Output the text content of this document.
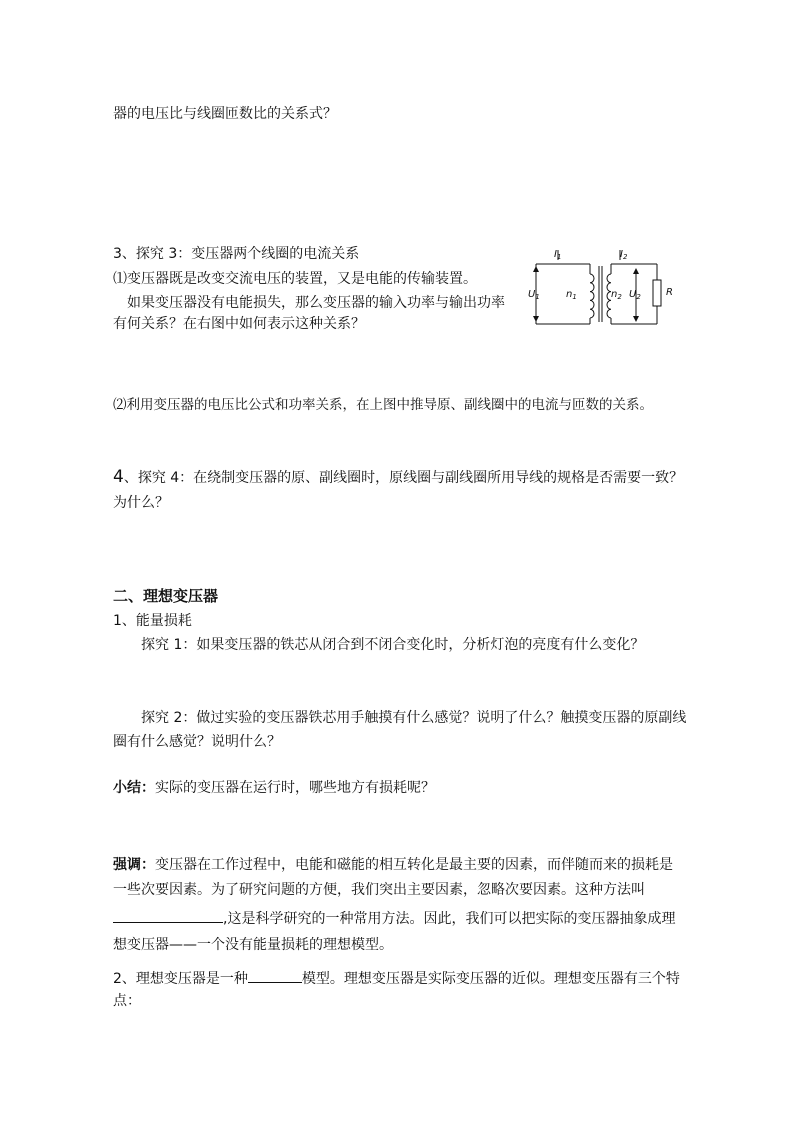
器的电压比与线圈匝数比的关系式？
3、探究 3：变压器两个线圈的电流关系
⑴变压器既是改变交流电压的装置，又是电能的传输装置。
如果变压器没有电能损失，那么变压器的输入功率与输出功率
有何关系？在右图中如何表示这种关系？
$I_1$	$I_2$
$U_1$	$n_1$	$n_2$ $U_2$	R
⑵利用变压器的电压比公式和功率关系，在上图中推导原、副线圈中的电流与匝数的关系。
4、探究 4：在绕制变压器的原、副线圈时，原线圈与副线圈所用导线的规格是否需要一致？
为什么？
二、理想变压器
1、能量损耗
探究 1：如果变压器的铁芯从闭合到不闭合变化时，分析灯泡的亮度有什么变化？
探究 2：做过实验的变压器铁芯用手触摸有什么感觉？说明了什么？触摸变压器的原副线
圈有什么感觉？说明什么？
小结：实际的变压器在运行时，哪些地方有损耗呢？
强调：变压器在工作过程中，电能和磁能的相互转化是最主要的因素，而伴随而来的损耗是
一些次要因素。为了研究问题的方便，我们突出主要因素，忽略次要因素。这种方法叫
,这是科学研究的一种常用方法。因此，我们可以把实际的变压器抽象成理
想变压器——一个没有能量损耗的理想模型。
2、理想变压器是一种	模型。理想变压器是实际变压器的近似。理想变压器有三个特
点：
